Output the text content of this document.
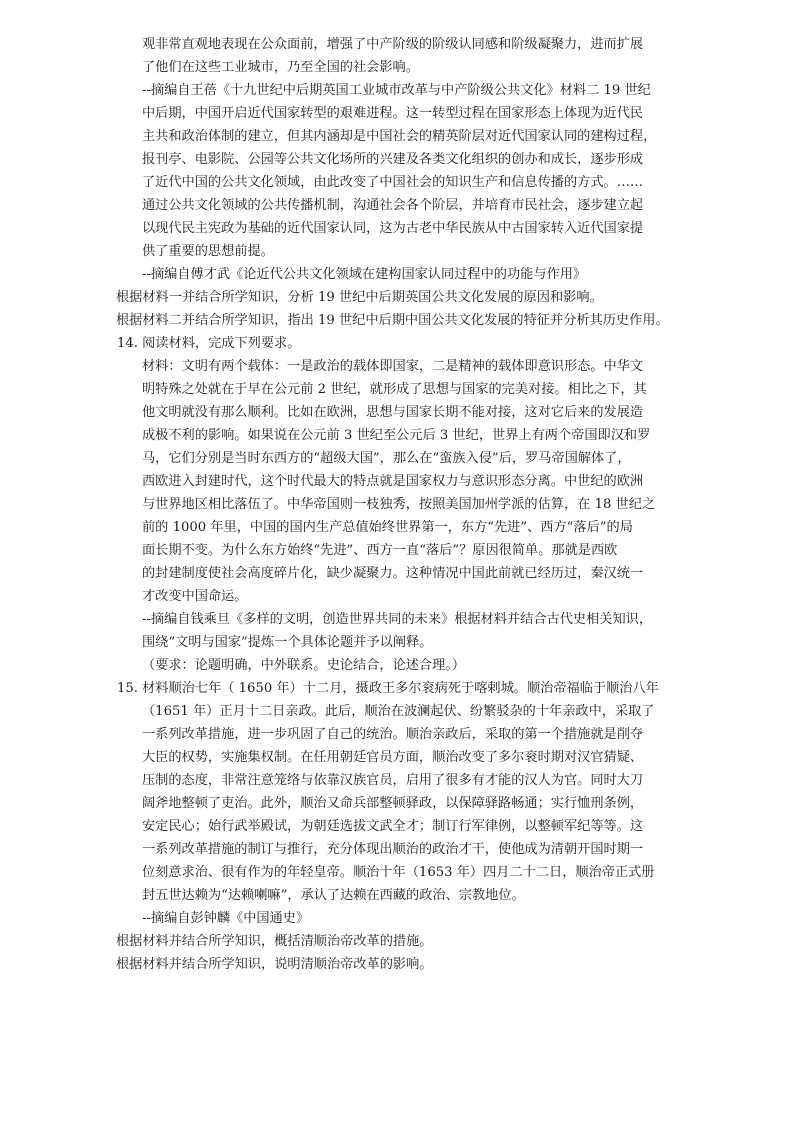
观非常直观地表现在公众面前，增强了中产阶级的阶级认同感和阶级凝聚力，进而扩展
了他们在这些工业城市，乃至全国的社会影响。
--摘编自王蓓《十九世纪中后期英国工业城市改革与中产阶级公共文化》材料二 19 世纪
中后期，中国开启近代国家转型的艰难进程。这一转型过程在国家形态上体现为近代民
主共和政治体制的建立，但其内涵却是中国社会的精英阶层对近代国家认同的建构过程，
报刊亭、电影院、公园等公共文化场所的兴建及各类文化组织的创办和成长，逐步形成
了近代中国的公共文化领域，由此改变了中国社会的知识生产和信息传播的方式。……
通过公共文化领域的公共传播机制，沟通社会各个阶层，并培育市民社会，逐步建立起
以现代民主宪政为基础的近代国家认同，这为古老中华民族从中古国家转入近代国家提
供了重要的思想前提。
--摘编自傅才武《论近代公共文化领域在建构国家认同过程中的功能与作用》
根据材料一并结合所学知识，分析 19 世纪中后期英国公共文化发展的原因和影响。
根据材料二并结合所学知识，指出 19 世纪中后期中国公共文化发展的特征并分析其历史作用。
14. 阅读材料，完成下列要求。
材料：文明有两个载体：一是政治的载体即国家，二是精神的载体即意识形态。中华文
明特殊之处就在于早在公元前 2 世纪，就形成了思想与国家的完美对接。相比之下，其
他文明就没有那么顺利。比如在欧洲，思想与国家长期不能对接，这对它后来的发展造
成极不利的影响。如果说在公元前 3 世纪至公元后 3 世纪，世界上有两个帝国即汉和罗
马，它们分别是当时东西方的“超级大国”，那么在“蛮族入侵”后，罗马帝国解体了，
西欧进入封建时代，这个时代最大的特点就是国家权力与意识形态分离。中世纪的欧洲
与世界地区相比落伍了。中华帝国则一枝独秀，按照美国加州学派的估算，在 18 世纪之
前的 1000 年里，中国的国内生产总值始终世界第一，东方“先进”、西方“落后”的局
面长期不变。为什么东方始终“先进”、西方一直“落后”？原因很简单。那就是西欧
的封建制度使社会高度碎片化，缺少凝聚力。这种情况中国此前就已经历过，秦汉统一
才改变中国命运。
--摘编自钱乘旦《多样的文明，创造世界共同的未来》根据材料并结合古代史相关知识，
围绕“文明与国家”提炼一个具体论题并予以阐释。
（要求：论题明确，中外联系。史论结合，论述合理。）
15. 材料顺治七年（ 1650 年）十二月，摄政王多尔衮病死于喀剌城。顺治帝福临于顺治八年
（1651 年）正月十二日亲政。此后，顺治在波澜起伏、纷繁驳杂的十年亲政中，采取了
一系列改革措施，进一步巩固了自己的统治。顺治亲政后，采取的第一个措施就是削夺
大臣的权势，实施集权制。在任用朝廷官员方面，顺治改变了多尔衮时期对汉官猜疑、
压制的态度，非常注意笼络与依靠汉族官员，启用了很多有才能的汉人为官。同时大刀
阔斧地整顿了吏治。此外，顺治又命兵部整顿驿政，以保障驿路畅通；实行恤刑条例，
安定民心；始行武举殿试，为朝廷选拔文武全才；制订行军律例，以整顿军纪等等。这
一系列改革措施的制订与推行，充分体现出顺治的政治才干，使他成为清朝开国时期一
位刻意求治、很有作为的年轻皇帝。顺治十年（1653 年）四月二十二日，顺治帝正式册
封五世达赖为“达赖喇嘛”，承认了达赖在西藏的政治、宗教地位。
--摘编自彭钟麟《中国通史》
根据材料并结合所学知识，概括清顺治帝改革的措施。
根据材料并结合所学知识，说明清顺治帝改革的影响。
